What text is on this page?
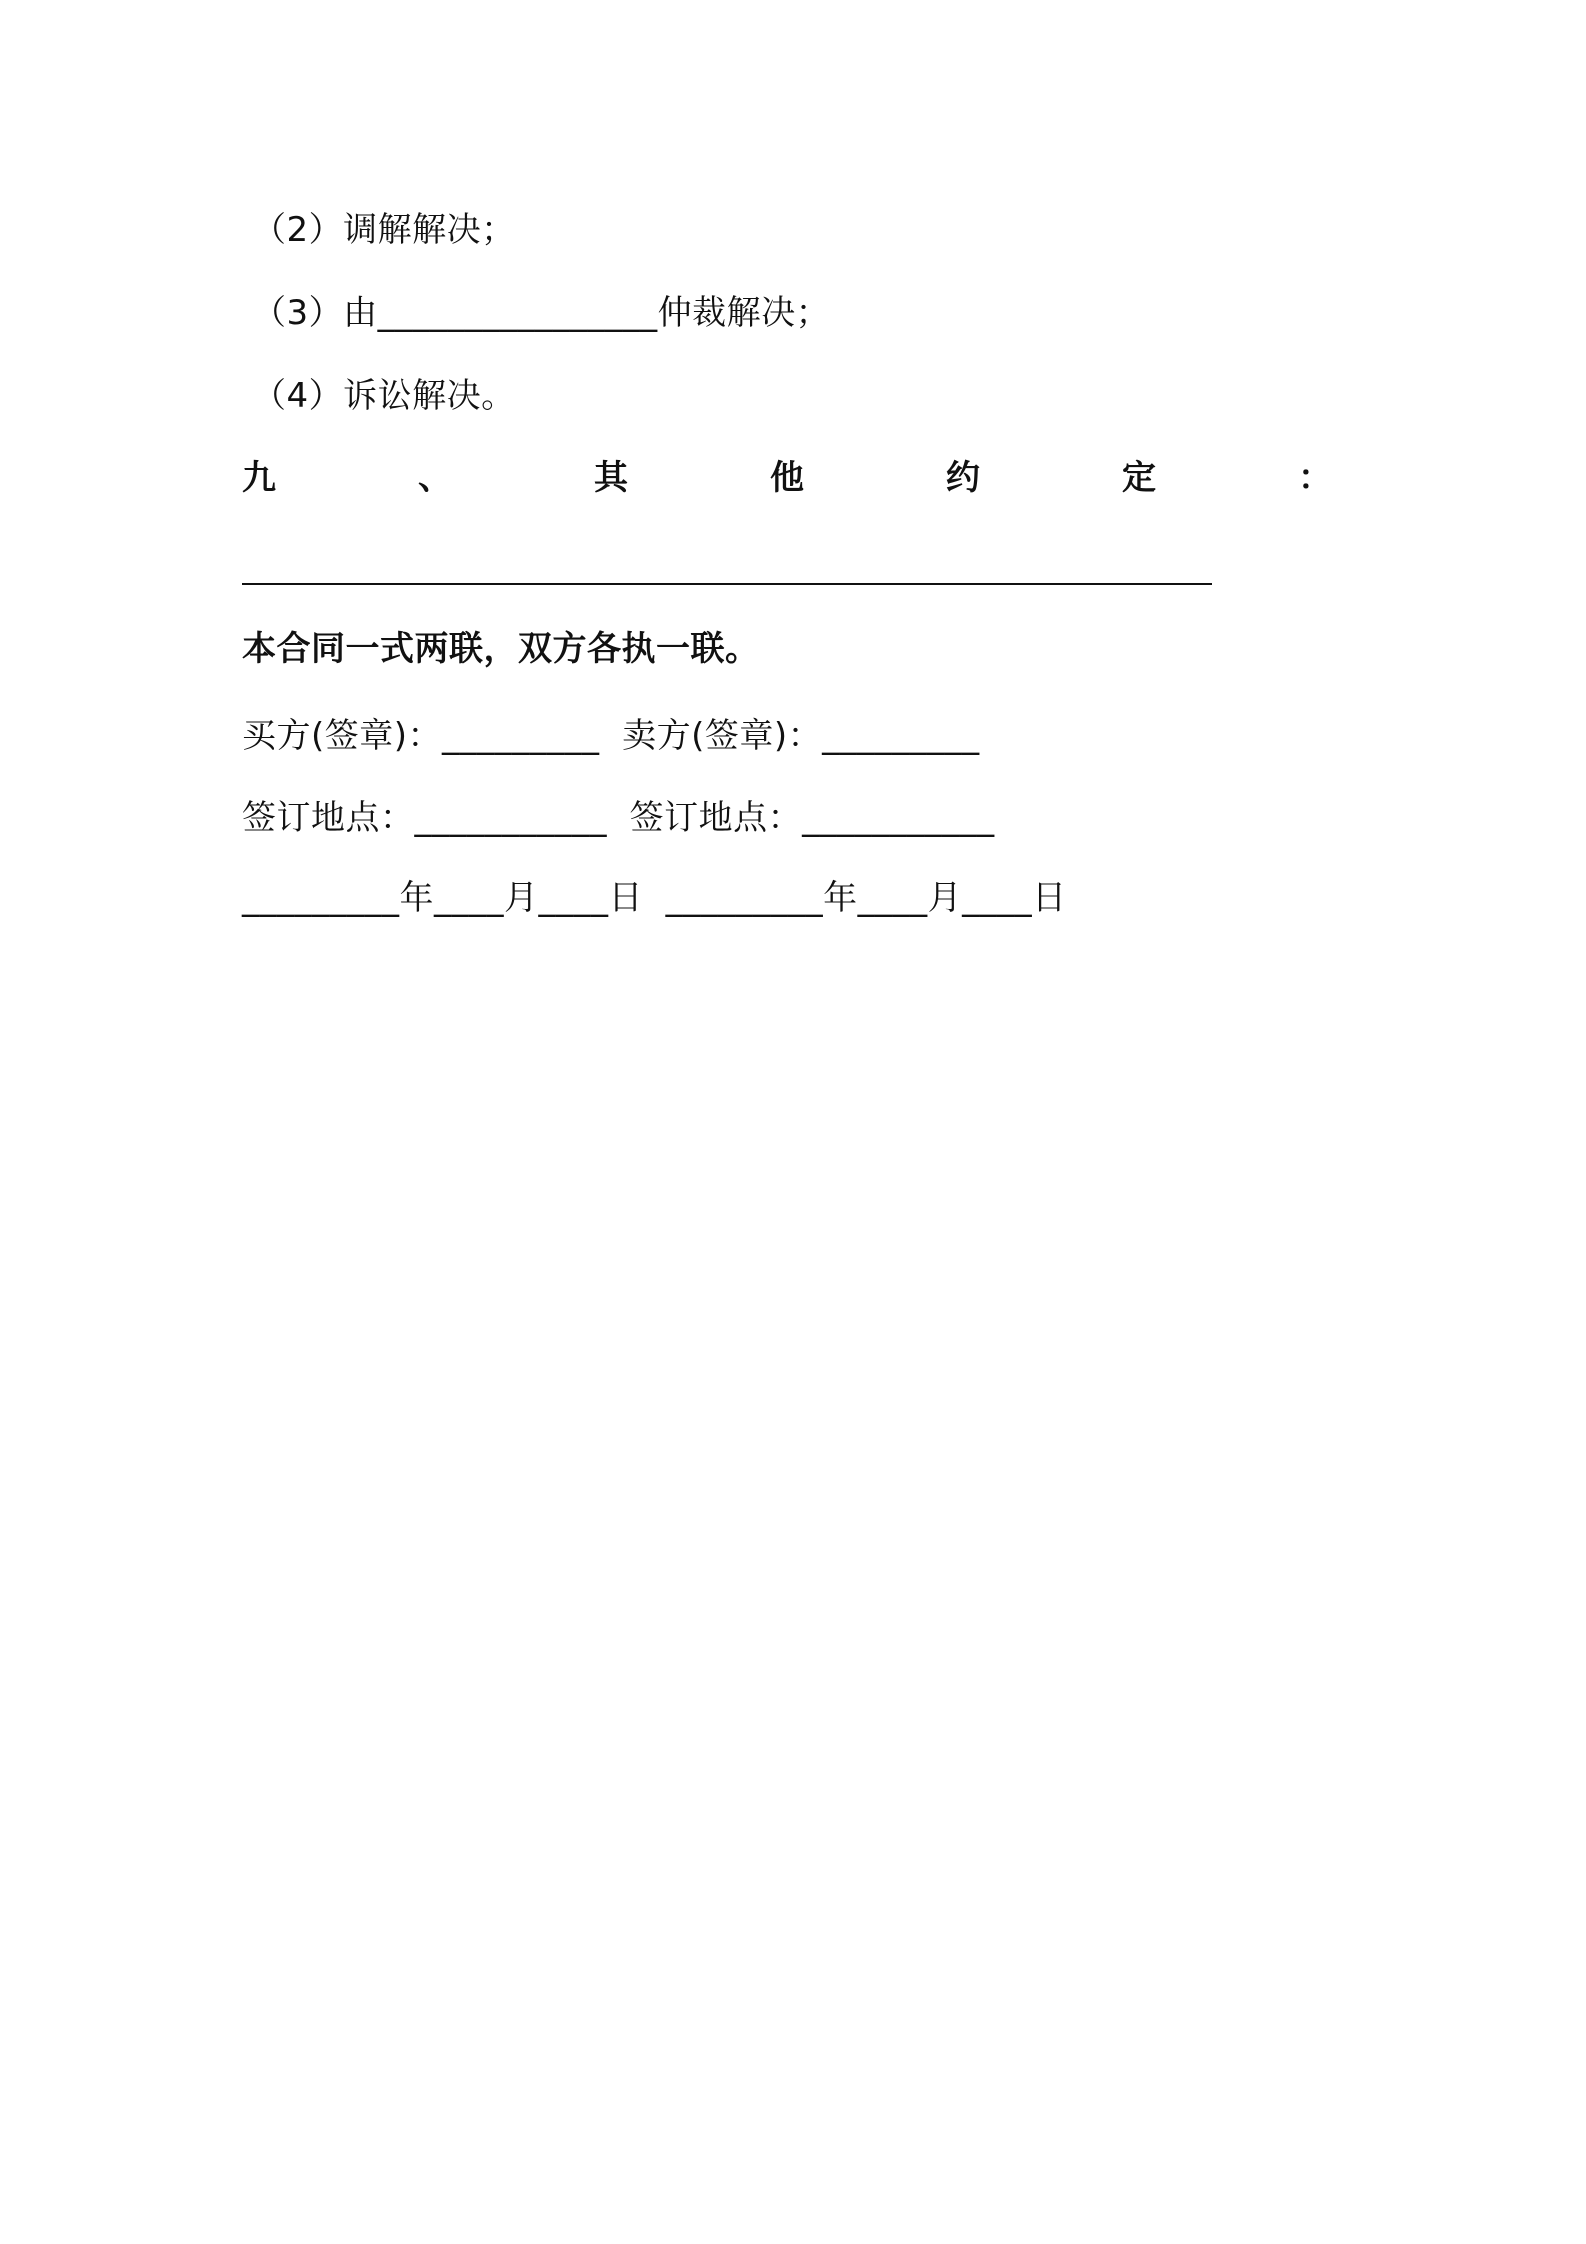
（2）调解解决；
（3）由________________仲裁解决；
（4）诉讼解决。
九	、	其	他	约	定	：
本合同一式两联，双方各执一联。
买方(签章)：_________  卖方(签章)：_________
签订地点：___________  签订地点：___________
_________年____月____日  _________年____月____日
